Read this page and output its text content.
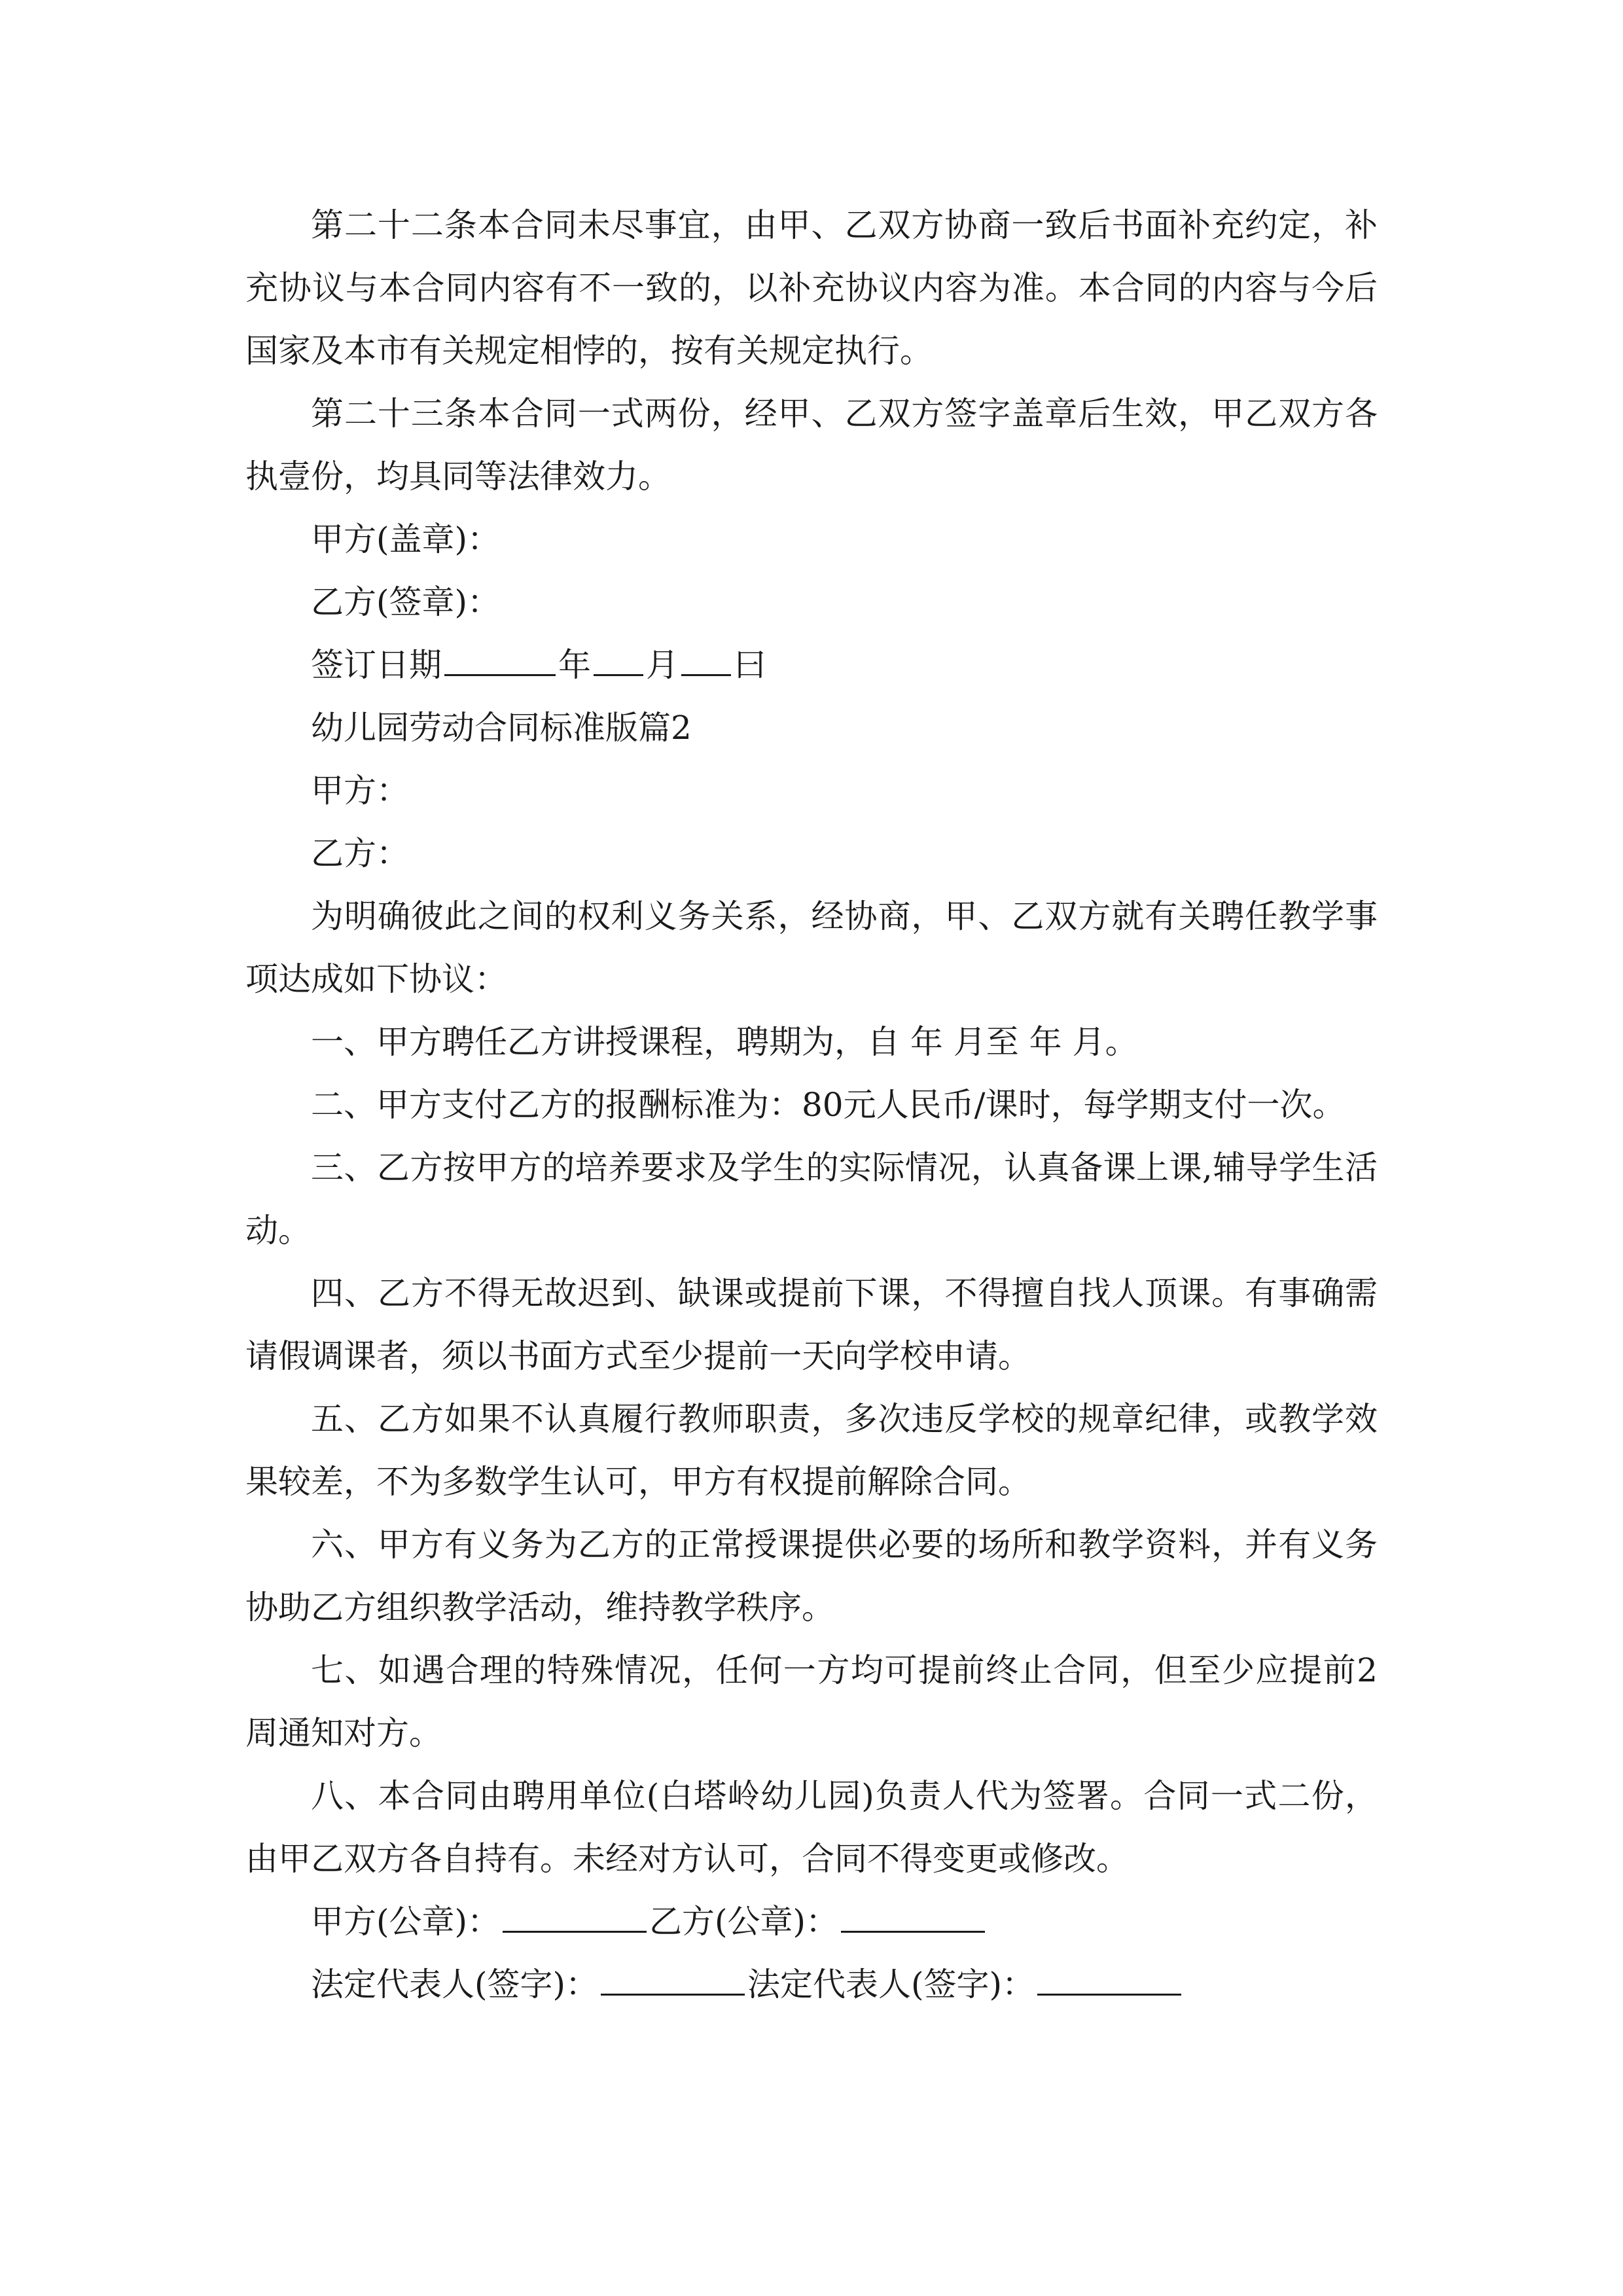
第二十二条本合同未尽事宜，由甲、乙双方协商一致后书面补充约定，补充协议与本合同内容有不一致的，以补充协议内容为准。本合同的内容与今后国家及本市有关规定相悖的，按有关规定执行。

第二十三条本合同一式两份，经甲、乙双方签字盖章后生效，甲乙双方各执壹份，均具同等法律效力。

甲方(盖章)：

乙方(签章)：

签订日期	年 月 曰

幼儿园劳动合同标准版篇2

甲方：

乙方：

为明确彼此之间的权利义务关系，经协商，甲、乙双方就有关聘任教学事项达成如下协议：

一、甲方聘任乙方讲授课程，聘期为，自 年 月至 年 月。

二、甲方支付乙方的报酬标准为：80元人民币/课时，每学期支付一次。

三、乙方按甲方的培养要求及学生的实际情况，认真备课上课,辅导学生活动。

四、乙方不得无故迟到、缺课或提前下课，不得擅自找人顶课。有事确需请假调课者，须以书面方式至少提前一天向学校申请。

五、乙方如果不认真履行教师职责，多次违反学校的规章纪律，或教学效果较差，不为多数学生认可，甲方有权提前解除合同。

六、甲方有义务为乙方的正常授课提供必要的场所和教学资料，并有义务协助乙方组织教学活动，维持教学秩序。

七、如遇合理的特殊情况，任何一方均可提前终止合同，但至少应提前2周通知对方。

八、本合同由聘用单位(白塔岭幼儿园)负责人代为签署。合同一式二份，由甲乙双方各自持有。未经对方认可，合同不得变更或修改。

甲方(公章)：	乙方(公章)：

法定代表人(签字)：	法定代表人(签字)：
